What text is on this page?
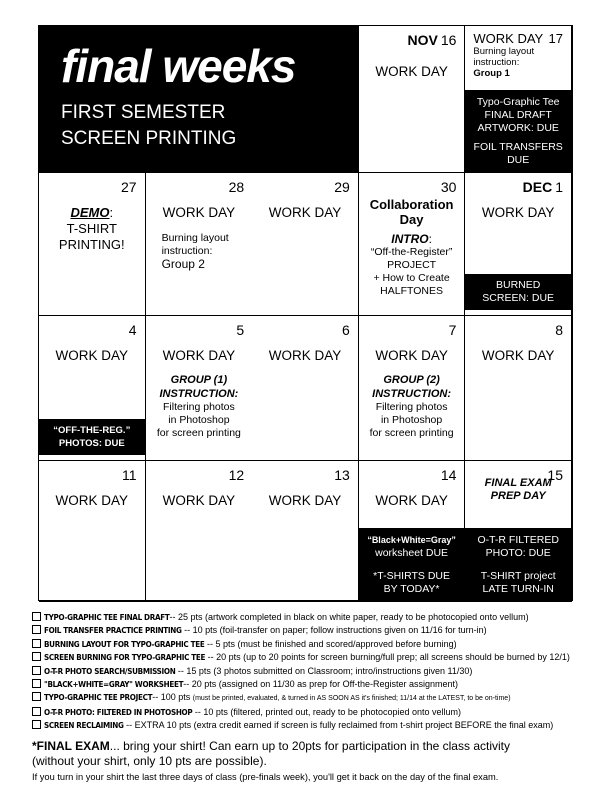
final weeks
FIRST SEMESTER
SCREEN PRINTING
NOV 16
WORK DAY
WORK DAY 17
Burning layout
instruction:
Group 1
Typo-Graphic Tee
FINAL DRAFT
ARTWORK: DUE
FOIL TRANSFERS
DUE
27
DEMO:
T-SHIRT
PRINTING!
28
WORK DAY
Burning layout
instruction:
Group 2
29
WORK DAY
30
Collaboration
Day
INTRO:
“Off-the-Register”
PROJECT
+ How to Create
HALFTONES
DEC 1
WORK DAY
BURNED
SCREEN: DUE
4
WORK DAY
“OFF-THE-REG.”
PHOTOS: DUE
5
WORK DAY
GROUP (1)
INSTRUCTION:
Filtering photos
in Photoshop
for screen printing
6
WORK DAY
7
WORK DAY
GROUP (2)
INSTRUCTION:
Filtering photos
in Photoshop
for screen printing
8
WORK DAY
11
WORK DAY
12
WORK DAY
13
WORK DAY
14
WORK DAY
“Black+White=Gray”
worksheet DUE
*T-SHIRTS DUE
BY TODAY*
15
FINAL EXAM
PREP DAY
O-T-R FILTERED
PHOTO: DUE
T-SHIRT project
LATE TURN-IN
TYPO-GRAPHIC TEE FINAL DRAFT-- 25 pts (artwork completed in black on white paper, ready to be photocopied onto vellum)
FOIL TRANSFER PRACTICE PRINTING -- 10 pts (foil-transfer on paper; follow instructions given on 11/16 for turn-in)
BURNING LAYOUT FOR TYPO-GRAPHIC TEE -- 5 pts (must be finished and scored/approved before burning)
SCREEN BURNING FOR TYPO-GRAPHIC TEE -- 20 pts (up to 20 points for screen burning/full prep; all screens should be burned by 12/1)
O-T-R PHOTO SEARCH/SUBMISSION -- 15 pts (3 photos submitted on Classroom; intro/instructions given 11/30)
"BLACK+WHITE=GRAY" WORKSHEET-- 20 pts (assigned on 11/30 as prep for Off-the-Register assignment)
TYPO-GRAPHIC TEE PROJECT-- 100 pts (must be printed, evaluated, & turned in AS SOON AS it's finished; 11/14 at the LATEST, to be on-time)
O-T-R PHOTO: FILTERED IN PHOTOSHOP -- 10 pts (filtered, printed out, ready to be photocopied onto vellum)
SCREEN RECLAIMING -- EXTRA 10 pts (extra credit earned if screen is fully reclaimed from t-shirt project BEFORE the final exam)
*FINAL EXAM... bring your shirt! Can earn up to 20pts for participation in the class activity
(without your shirt, only 10 pts are possible).
If you turn in your shirt the last three days of class (pre-finals week), you'll get it back on the day of the final exam.
